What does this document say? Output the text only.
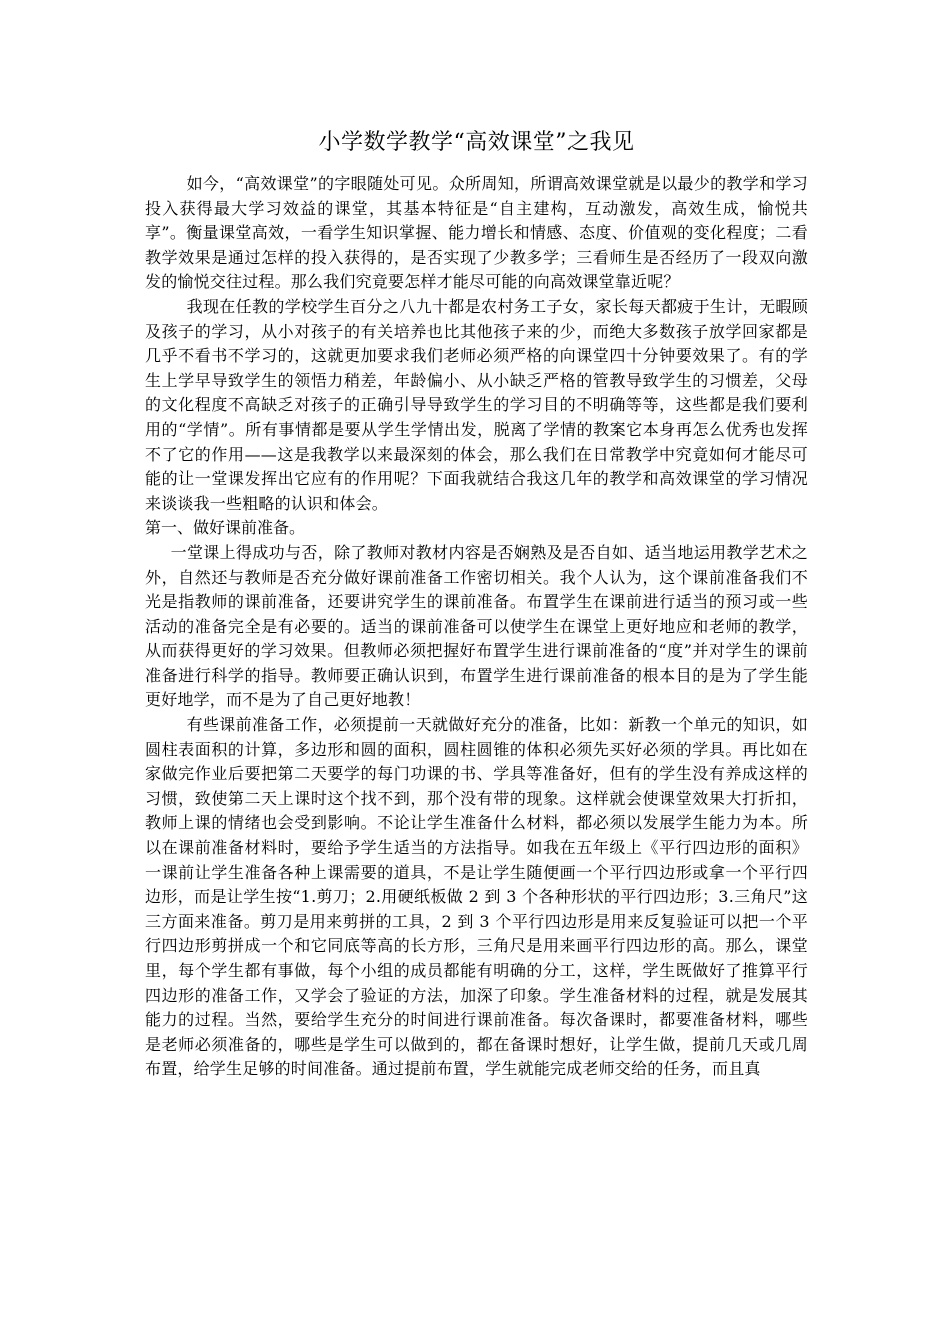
小学数学教学“高效课堂”之我见

如今，“高效课堂”的字眼随处可见。众所周知，所谓高效课堂就是以最少的教学和学习投入获得最大学习效益的课堂，其基本特征是“自主建构，互动激发，高效生成，愉悦共享”。衡量课堂高效，一看学生知识掌握、能力增长和情感、态度、价值观的变化程度；二看教学效果是通过怎样的投入获得的，是否实现了少教多学；三看师生是否经历了一段双向激发的愉悦交往过程。那么我们究竟要怎样才能尽可能的向高效课堂靠近呢？

我现在任教的学校学生百分之八九十都是农村务工子女，家长每天都疲于生计，无暇顾及孩子的学习，从小对孩子的有关培养也比其他孩子来的少，而绝大多数孩子放学回家都是几乎不看书不学习的，这就更加要求我们老师必须严格的向课堂四十分钟要效果了。有的学生上学早导致学生的领悟力稍差，年龄偏小、从小缺乏严格的管教导致学生的习惯差，父母的文化程度不高缺乏对孩子的正确引导导致学生的学习目的不明确等等，这些都是我们要利用的“学情”。所有事情都是要从学生学情出发，脱离了学情的教案它本身再怎么优秀也发挥不了它的作用——这是我教学以来最深刻的体会，那么我们在日常教学中究竟如何才能尽可能的让一堂课发挥出它应有的作用呢？下面我就结合我这几年的教学和高效课堂的学习情况来谈谈我一些粗略的认识和体会。

第一、做好课前准备。

一堂课上得成功与否，除了教师对教材内容是否娴熟及是否自如、适当地运用教学艺术之外，自然还与教师是否充分做好课前准备工作密切相关。我个人认为，这个课前准备我们不光是指教师的课前准备，还要讲究学生的课前准备。布置学生在课前进行适当的预习或一些活动的准备完全是有必要的。适当的课前准备可以使学生在课堂上更好地应和老师的教学，从而获得更好的学习效果。但教师必须把握好布置学生进行课前准备的“度”并对学生的课前准备进行科学的指导。教师要正确认识到，布置学生进行课前准备的根本目的是为了学生能更好地学，而不是为了自己更好地教！

有些课前准备工作，必须提前一天就做好充分的准备，比如：新教一个单元的知识，如圆柱表面积的计算，多边形和圆的面积，圆柱圆锥的体积必须先买好必须的学具。再比如在家做完作业后要把第二天要学的每门功课的书、学具等准备好，但有的学生没有养成这样的习惯，致使第二天上课时这个找不到，那个没有带的现象。这样就会使课堂效果大打折扣，教师上课的情绪也会受到影响。不论让学生准备什么材料，都必须以发展学生能力为本。所以在课前准备材料时，要给予学生适当的方法指导。如我在五年级上《平行四边形的面积》一课前让学生准备各种上课需要的道具，不是让学生随便画一个平行四边形或拿一个平行四边形，而是让学生按“1.剪刀；2.用硬纸板做 2 到 3 个各种形状的平行四边形；3.三角尺”这三方面来准备。剪刀是用来剪拼的工具，2 到 3 个平行四边形是用来反复验证可以把一个平行四边形剪拼成一个和它同底等高的长方形，三角尺是用来画平行四边形的高。那么，课堂里，每个学生都有事做，每个小组的成员都能有明确的分工，这样，学生既做好了推算平行四边形的准备工作，又学会了验证的方法，加深了印象。学生准备材料的过程，就是发展其能力的过程。当然，要给学生充分的时间进行课前准备。每次备课时，都要准备材料，哪些是老师必须准备的，哪些是学生可以做到的，都在备课时想好，让学生做，提前几天或几周布置，给学生足够的时间准备。通过提前布置，学生就能完成老师交给的任务，而且真
